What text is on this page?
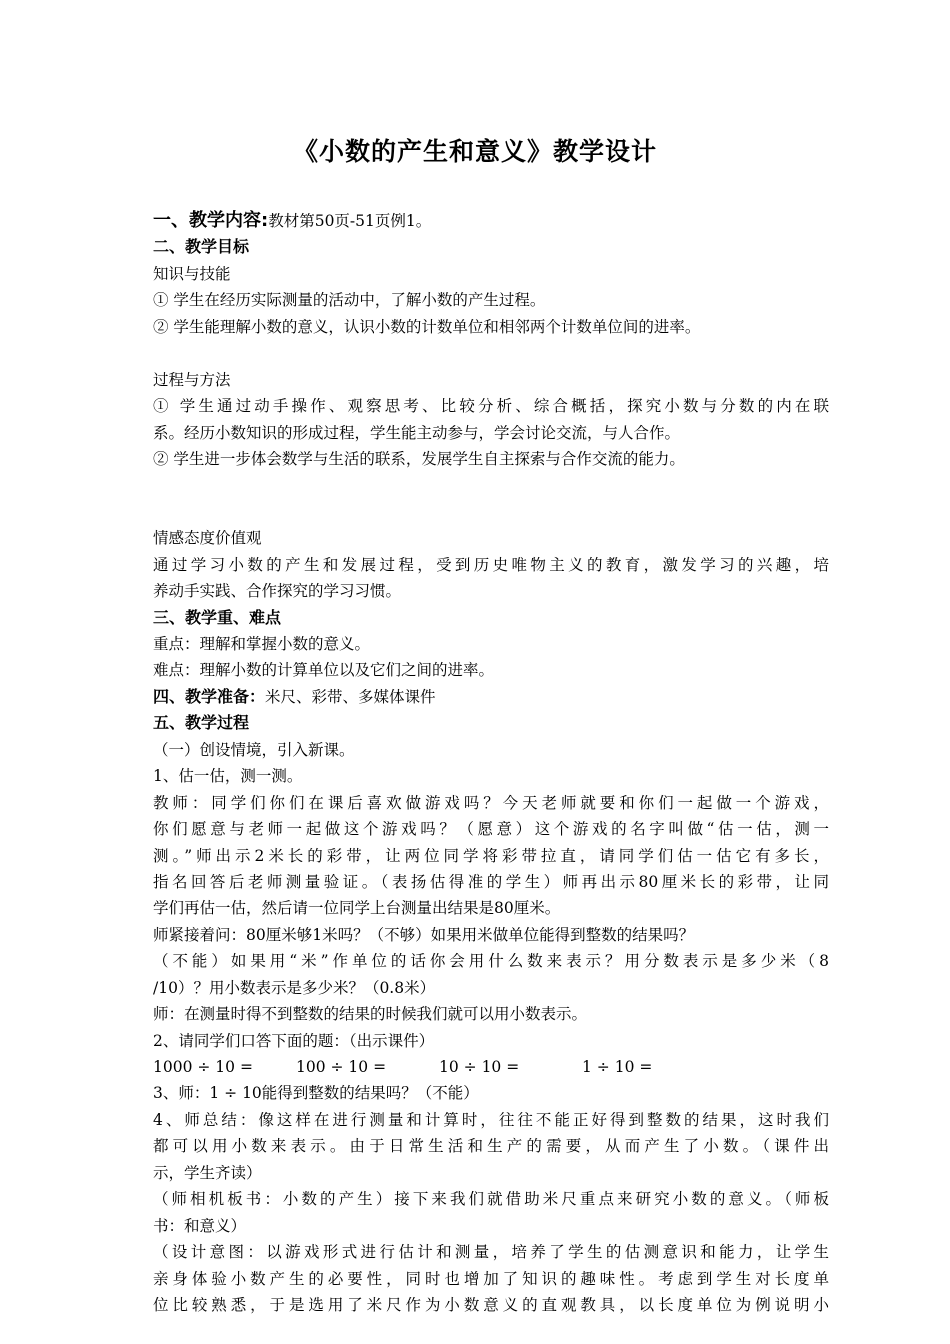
《小数的产生和意义》教学设计
一、教学内容:教材第50页-51页例1。
二、教学目标
知识与技能
① 学生在经历实际测量的活动中，了解小数的产生过程。
② 学生能理解小数的意义，认识小数的计数单位和相邻两个计数单位间的进率。
过程与方法
① 学生通过动手操作、观察思考、比较分析、综合概括，探究小数与分数的内在联
系。经历小数知识的形成过程，学生能主动参与，学会讨论交流，与人合作。
② 学生进一步体会数学与生活的联系，发展学生自主探索与合作交流的能力。
情感态度价值观
通过学习小数的产生和发展过程，受到历史唯物主义的教育，激发学习的兴趣，培
养动手实践、合作探究的学习习惯。
三、教学重、难点
重点：理解和掌握小数的意义。
难点：理解小数的计算单位以及它们之间的进率。
四、教学准备：米尺、彩带、多媒体课件
五、教学过程
（一）创设情境，引入新课。
1、估一估，测一测。
教师：同学们你们在课后喜欢做游戏吗？今天老师就要和你们一起做一个游戏，
你们愿意与老师一起做这个游戏吗？（愿意）这个游戏的名字叫做“估一估，测一
测。”师出示2米长的彩带，让两位同学将彩带拉直，请同学们估一估它有多长，
指名回答后老师测量验证。（表扬估得准的学生）师再出示80厘米长的彩带，让同
学们再估一估，然后请一位同学上台测量出结果是80厘米。
师紧接着问：80厘米够1米吗？（不够）如果用米做单位能得到整数的结果吗？
（不能）如果用“米”作单位的话你会用什么数来表示？用分数表示是多少米（8
/10）？用小数表示是多少米？（0.8米）
师：在测量时得不到整数的结果的时候我们就可以用小数表示。
2、请同学们口答下面的题：（出示课件）
1000 ÷ 10 =	100 ÷ 10 =	10 ÷ 10 =	1 ÷ 10 =
3、师：1 ÷ 10能得到整数的结果吗？（不能）
4、师总结：像这样在进行测量和计算时，往往不能正好得到整数的结果，这时我们
都可以用小数来表示。由于日常生活和生产的需要，从而产生了小数。（课件出
示，学生齐读）
（师相机板书：小数的产生）接下来我们就借助米尺重点来研究小数的意义。（师板
书：和意义）
（设计意图：以游戏形式进行估计和测量，培养了学生的估测意识和能力，让学生
亲身体验小数产生的必要性，同时也增加了知识的趣味性。考虑到学生对长度单
位比较熟悉，于是选用了米尺作为小数意义的直观教具，以长度单位为例说明小
